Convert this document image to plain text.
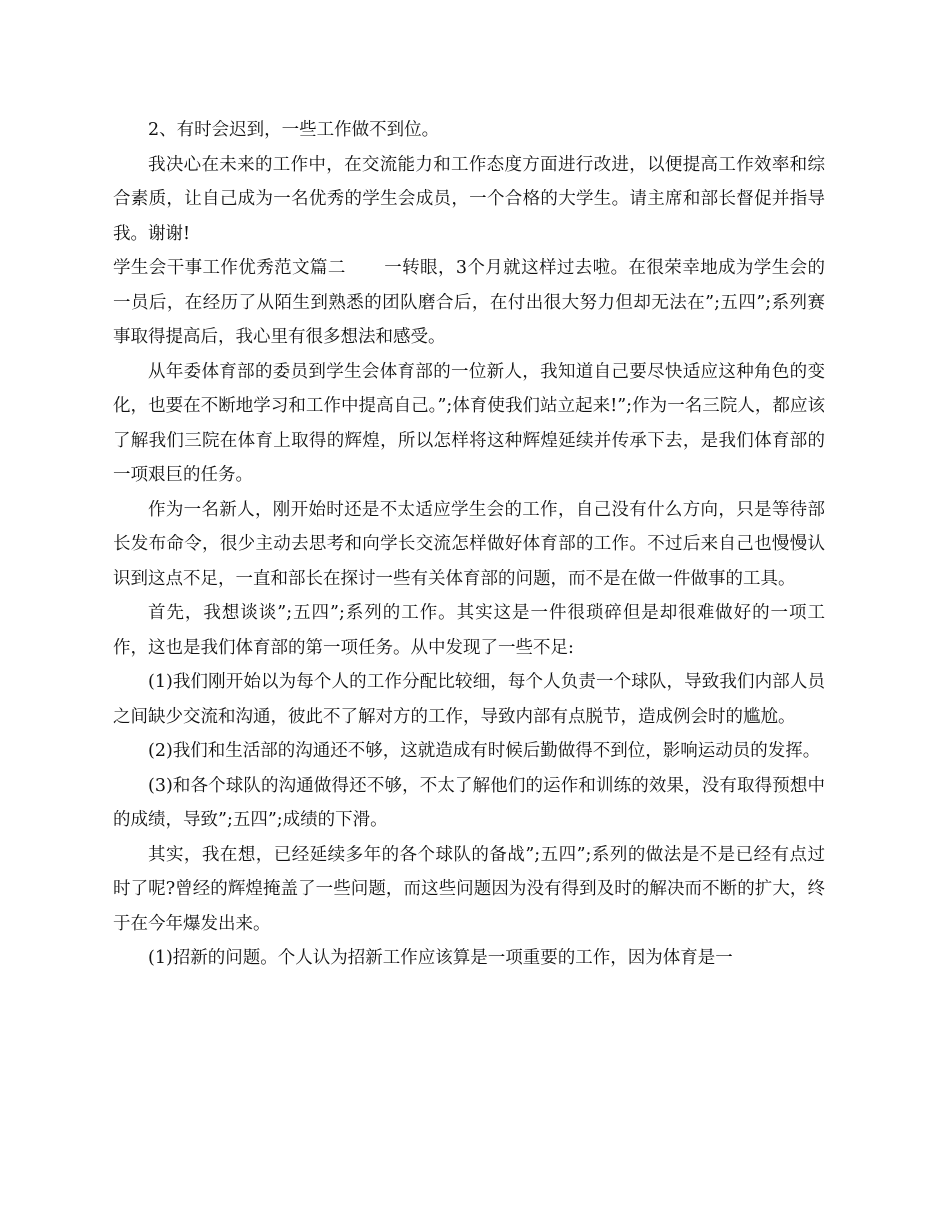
2、有时会迟到，一些工作做不到位。

我决心在未来的工作中，在交流能力和工作态度方面进行改进，以便提高工作效率和综合素质，让自己成为一名优秀的学生会成员，一个合格的大学生。请主席和部长督促并指导我。谢谢!

学生会干事工作优秀范文篇二 一转眼，3个月就这样过去啦。在很荣幸地成为学生会的一员后，在经历了从陌生到熟悉的团队磨合后，在付出很大努力但却无法在”;五四”;系列赛事取得提高后，我心里有很多想法和感受。

从年委体育部的委员到学生会体育部的一位新人，我知道自己要尽快适应这种角色的变化，也要在不断地学习和工作中提高自己。”;体育使我们站立起来!”;作为一名三院人，都应该了解我们三院在体育上取得的辉煌，所以怎样将这种辉煌延续并传承下去，是我们体育部的一项艰巨的任务。

作为一名新人，刚开始时还是不太适应学生会的工作，自己没有什么方向，只是等待部长发布命令，很少主动去思考和向学长交流怎样做好体育部的工作。不过后来自己也慢慢认识到这点不足，一直和部长在探讨一些有关体育部的问题，而不是在做一件做事的工具。

首先，我想谈谈”;五四”;系列的工作。其实这是一件很琐碎但是却很难做好的一项工作，这也是我们体育部的第一项任务。从中发现了一些不足:

(1)我们刚开始以为每个人的工作分配比较细，每个人负责一个球队，导致我们内部人员之间缺少交流和沟通，彼此不了解对方的工作，导致内部有点脱节，造成例会时的尴尬。

(2)我们和生活部的沟通还不够，这就造成有时候后勤做得不到位，影响运动员的发挥。

(3)和各个球队的沟通做得还不够，不太了解他们的运作和训练的效果，没有取得预想中的成绩，导致”;五四”;成绩的下滑。

其实，我在想，已经延续多年的各个球队的备战”;五四”;系列的做法是不是已经有点过时了呢?曾经的辉煌掩盖了一些问题，而这些问题因为没有得到及时的解决而不断的扩大，终于在今年爆发出来。

(1)招新的问题。个人认为招新工作应该算是一项重要的工作，因为体育是一
